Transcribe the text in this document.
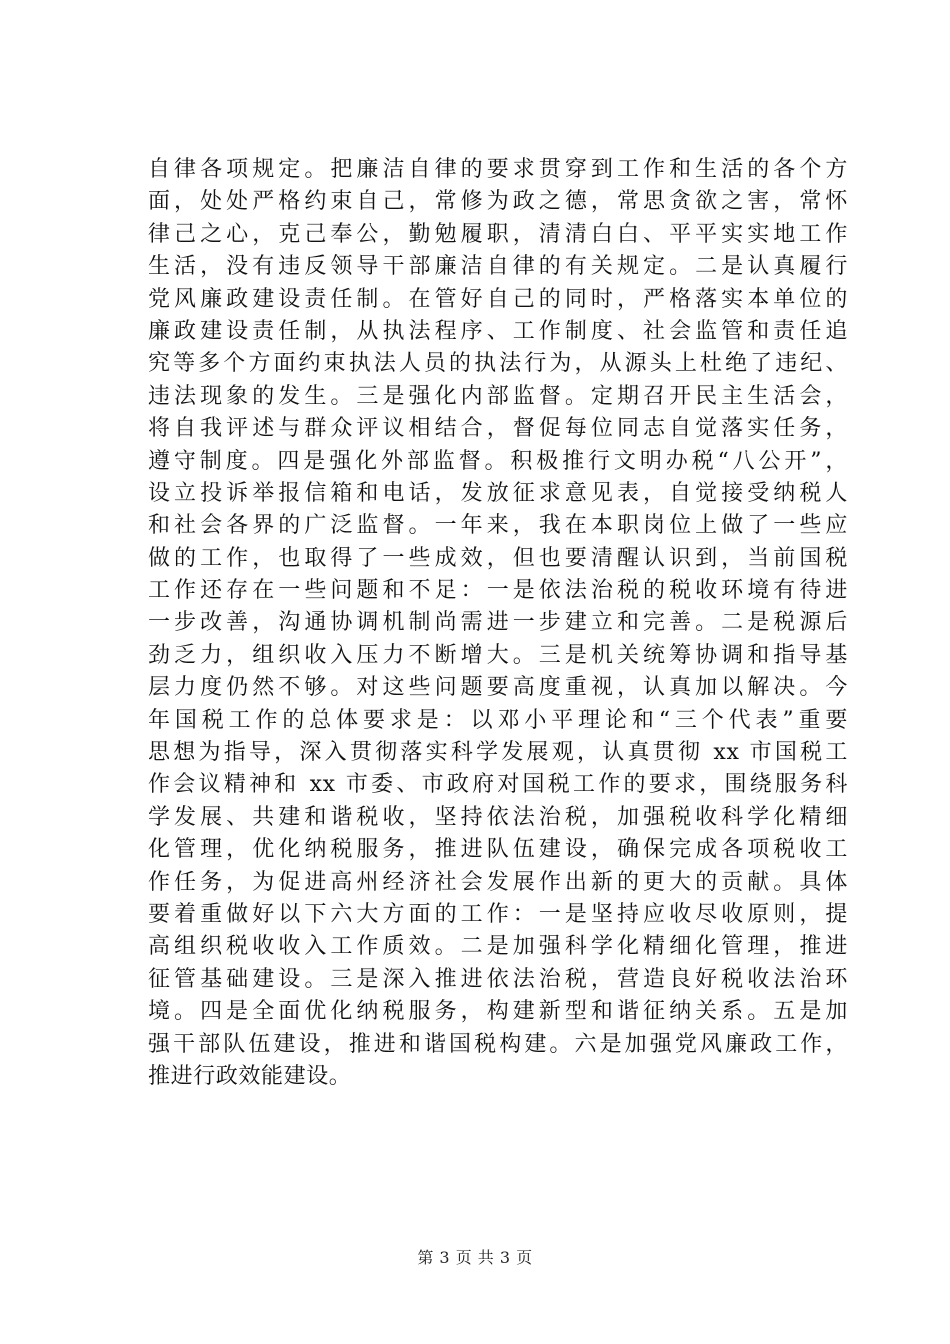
自律各项规定。把廉洁自律的要求贯穿到工作和生活的各个方
面，处处严格约束自己，常修为政之德，常思贪欲之害，常怀
律己之心，克己奉公，勤勉履职，清清白白、平平实实地工作
生活，没有违反领导干部廉洁自律的有关规定。二是认真履行
党风廉政建设责任制。在管好自己的同时，严格落实本单位的
廉政建设责任制，从执法程序、工作制度、社会监管和责任追
究等多个方面约束执法人员的执法行为，从源头上杜绝了违纪、
违法现象的发生。三是强化内部监督。定期召开民主生活会，
将自我评述与群众评议相结合，督促每位同志自觉落实任务，
遵守制度。四是强化外部监督。积极推行文明办税“八公开”，
设立投诉举报信箱和电话，发放征求意见表，自觉接受纳税人
和社会各界的广泛监督。一年来，我在本职岗位上做了一些应
做的工作，也取得了一些成效，但也要清醒认识到，当前国税
工作还存在一些问题和不足：一是依法治税的税收环境有待进
一步改善，沟通协调机制尚需进一步建立和完善。二是税源后
劲乏力，组织收入压力不断增大。三是机关统筹协调和指导基
层力度仍然不够。对这些问题要高度重视，认真加以解决。今
年国税工作的总体要求是：以邓小平理论和“三个代表”重要
思想为指导，深入贯彻落实科学发展观，认真贯彻 xx 市国税工
作会议精神和 xx 市委、市政府对国税工作的要求，围绕服务科
学发展、共建和谐税收，坚持依法治税，加强税收科学化精细
化管理，优化纳税服务，推进队伍建设，确保完成各项税收工
作任务，为促进高州经济社会发展作出新的更大的贡献。具体
要着重做好以下六大方面的工作：一是坚持应收尽收原则，提
高组织税收收入工作质效。二是加强科学化精细化管理，推进
征管基础建设。三是深入推进依法治税，营造良好税收法治环
境。四是全面优化纳税服务，构建新型和谐征纳关系。五是加
强干部队伍建设，推进和谐国税构建。六是加强党风廉政工作，
推进行政效能建设。
第 3 页 共 3 页
